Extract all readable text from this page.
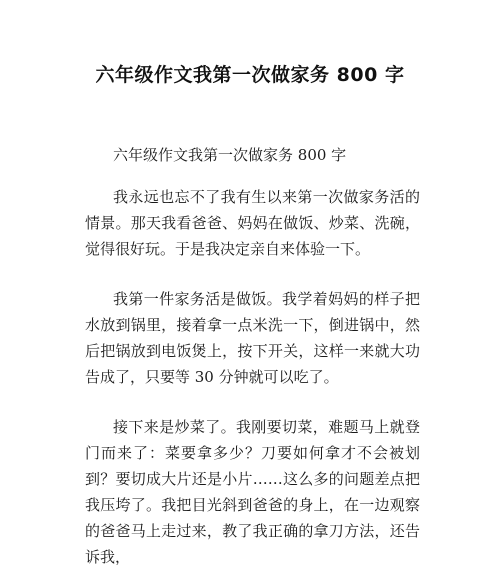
六年级作文我第一次做家务 800 字

六年级作文我第一次做家务 800 字

我永远也忘不了我有生以来第一次做家务活的情景。那天我看爸爸、妈妈在做饭、炒菜、洗碗，觉得很好玩。于是我决定亲自来体验一下。

我第一件家务活是做饭。我学着妈妈的样子把水放到锅里，接着拿一点米洗一下，倒进锅中，然后把锅放到电饭煲上，按下开关，这样一来就大功告成了，只要等 30 分钟就可以吃了。

接下来是炒菜了。我刚要切菜，难题马上就登门而来了：菜要拿多少？刀要如何拿才不会被划到？要切成大片还是小片……这么多的问题差点把我压垮了。我把目光斜到爸爸的身上，在一边观察的爸爸马上走过来，教了我正确的拿刀方法，还告诉我，
